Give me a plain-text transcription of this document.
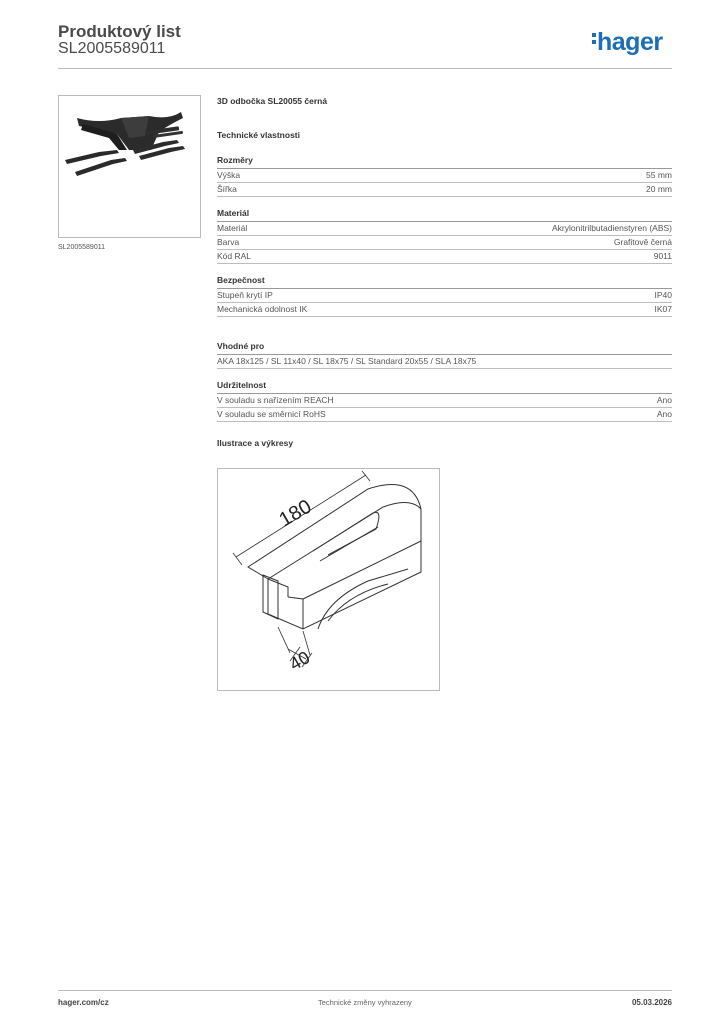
Produktový list
SL2005589011	hager
SL2005589011
3D odbočka SL20055 černá
Technické vlastnosti
Rozměry
Výška	55 mm
Šířka	20 mm
Materiál
Materiál	Akrylonitrilbutadienstyren (ABS)
Barva	Grafitově černá
Kód RAL	9011
Bezpečnost
Stupeň krytí IP	IP40
Mechanická odolnost IK	IK07
Vhodné pro
AKA 18x125 / SL 11x40 / SL 18x75 / SL Standard 20x55 / SLA 18x75
Udržitelnost
V souladu s nařízením REACH	Ano
V souladu se směrnicí RoHS	Ano
Ilustrace a výkresy
180
40
hager.com/cz	Technické změny vyhrazeny	05.03.2026
